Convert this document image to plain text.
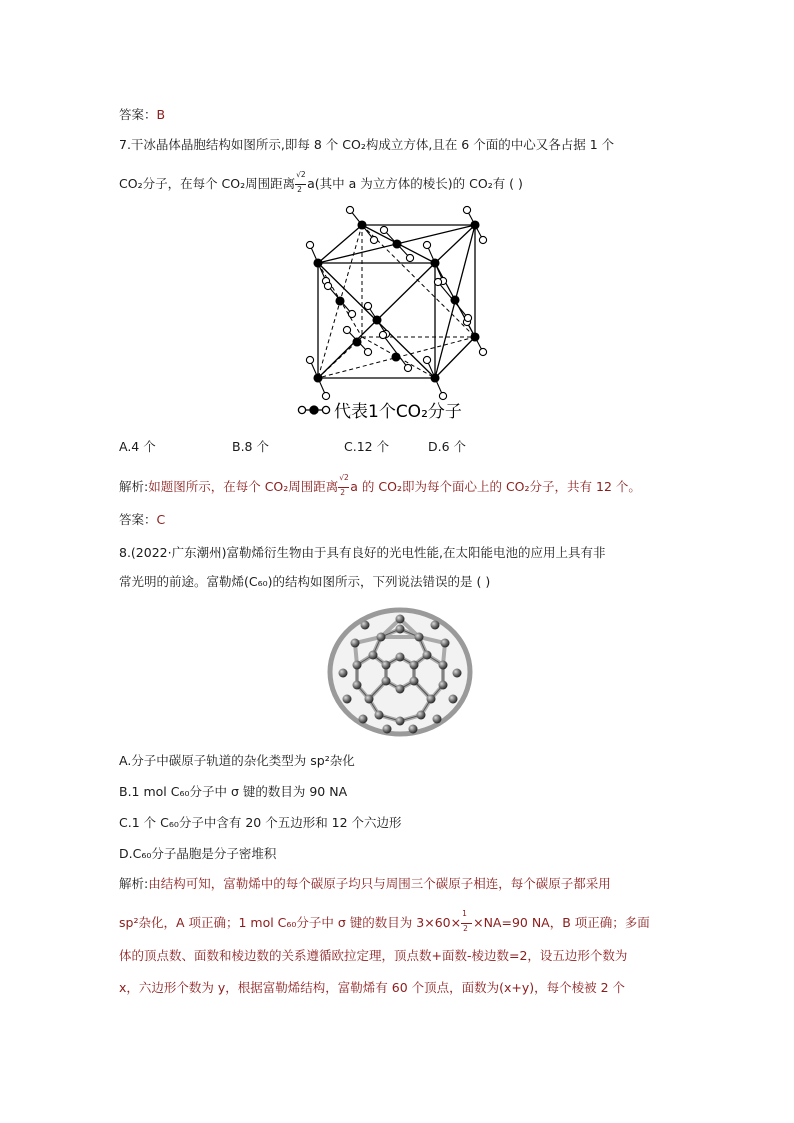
答案：B
7.干冰晶体晶胞结构如图所示,即每 8 个 CO₂构成立方体,且在 6 个面的中心又各占据 1 个
CO₂分子，在每个 CO₂周围距离 $\frac{√2}{2} a$(其中 a 为立方体的棱长)的 CO₂有 ( )
代表1个CO₂分子
A.4 个	B.8 个	C.12 个	D.6 个
解析:如题图所示，在每个 CO₂周围距离 $\frac{√2}{2}$ a 的 CO₂即为每个面心上的 CO₂分子，共有 12 个。
答案：C
8.(2022·广东潮州)富勒烯衍生物由于具有良好的光电性能,在太阳能电池的应用上具有非
常光明的前途。富勒烯(C₆₀)的结构如图所示，下列说法错误的是 ( )
A.分子中碳原子轨道的杂化类型为 sp²杂化
B.1 mol C₆₀分子中 σ 键的数目为 90 NA
C.1 个 C₆₀分子中含有 20 个五边形和 12 个六边形
D.C₆₀分子晶胞是分子密堆积
解析:由结构可知，富勒烯中的每个碳原子均只与周围三个碳原子相连，每个碳原子都采用
sp²杂化，A 项正确；1 mol C₆₀分子中 σ 键的数目为 $3\times 60\times \frac{1}{2} \times NA=90$ NA，B 项正确；多面
体的顶点数、面数和棱边数的关系遵循欧拉定理，顶点数+面数-棱边数=2，设五边形个数为
x，六边形个数为 y，根据富勒烯结构，富勒烯有 60 个顶点，面数为(x+y)，每个棱被 2 个
